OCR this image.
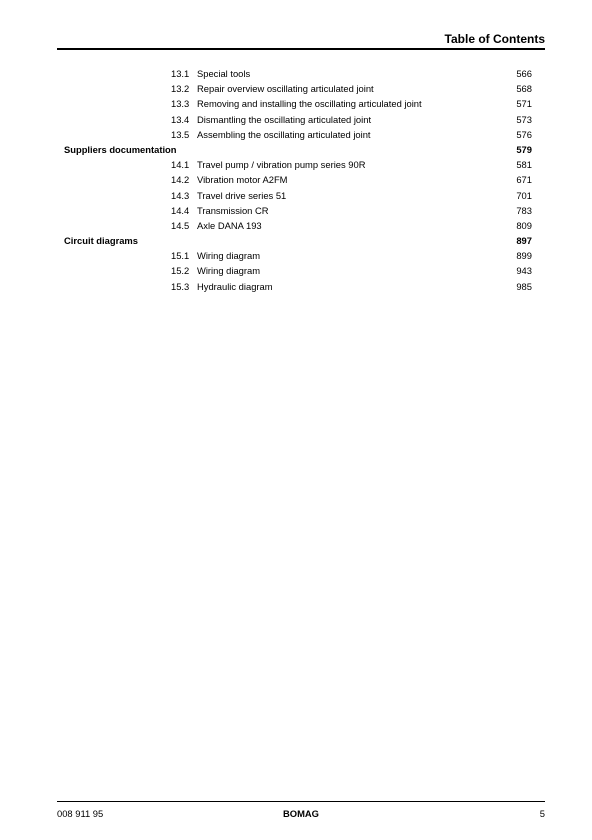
Table of Contents
13.1 Special tools	566
13.2 Repair overview oscillating articulated joint	568
13.3 Removing and installing the oscillating articulated joint	571
13.4 Dismantling the oscillating articulated joint	573
13.5 Assembling the oscillating articulated joint	576
Suppliers documentation	579
14.1 Travel pump / vibration pump series 90R	581
14.2 Vibration motor A2FM	671
14.3 Travel drive series 51	701
14.4 Transmission CR	783
14.5 Axle DANA 193	809
Circuit diagrams	897
15.1 Wiring diagram	899
15.2 Wiring diagram	943
15.3 Hydraulic diagram	985
008 911 95	BOMAG	5
